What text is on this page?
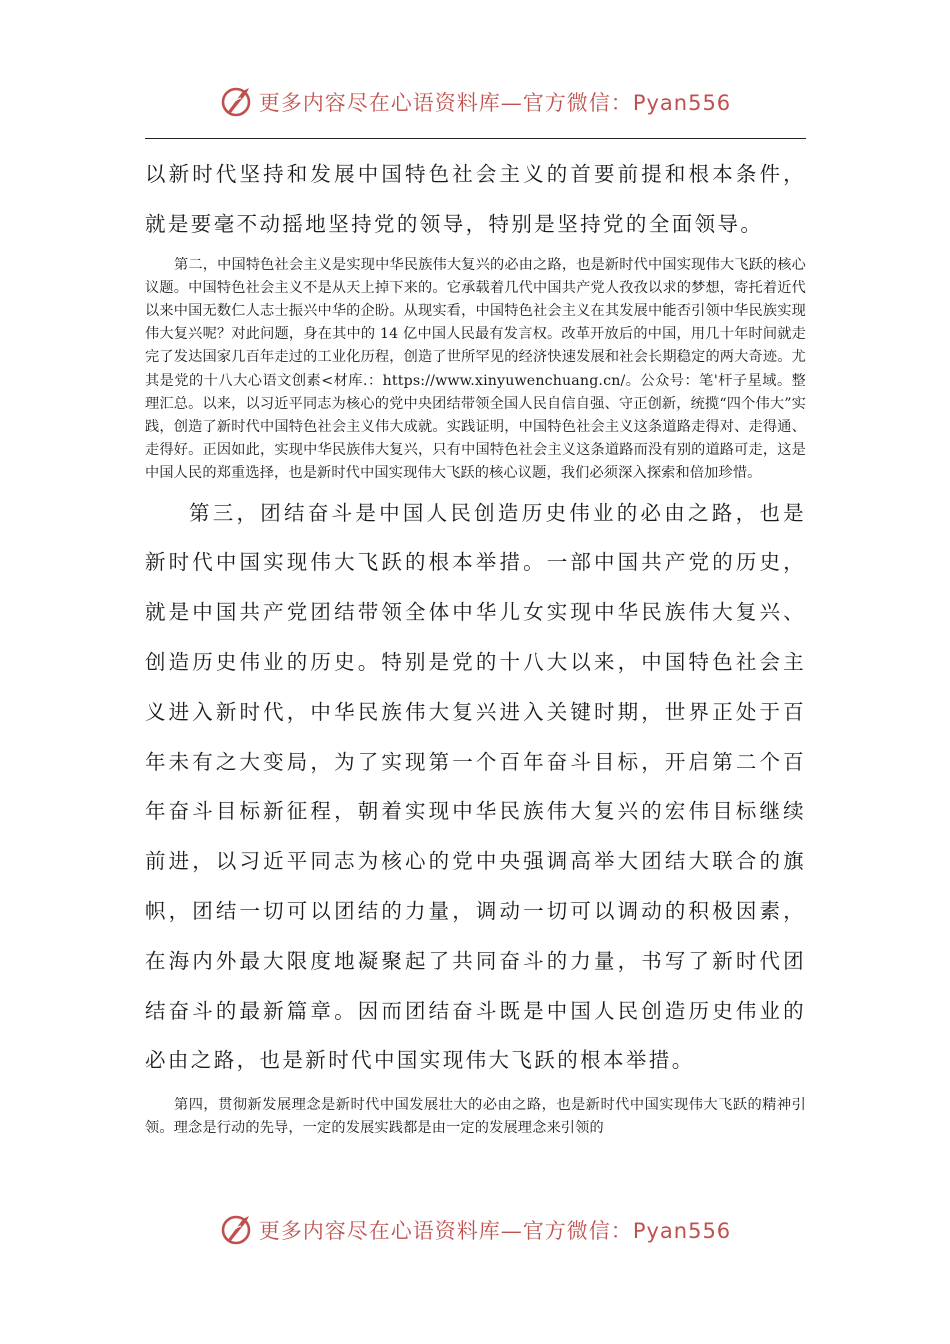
更多内容尽在心语资料库—官方微信：Pyan556

以新时代坚持和发展中国特色社会主义的首要前提和根本条件，就是要毫不动摇地坚持党的领导，特别是坚持党的全面领导。

第二，中国特色社会主义是实现中华民族伟大复兴的必由之路，也是新时代中国实现伟大飞跃的核心议题。中国特色社会主义不是从天上掉下来的。它承载着几代中国共产党人孜孜以求的梦想，寄托着近代以来中国无数仁人志士振兴中华的企盼。从现实看，中国特色社会主义在其发展中能否引领中华民族实现伟大复兴呢？对此问题，身在其中的 14 亿中国人民最有发言权。改革开放后的中国，用几十年时间就走完了发达国家几百年走过的工业化历程，创造了世所罕见的经济快速发展和社会长期稳定的两大奇迹。尤其是党的十八大心语文创素<材库.：https://www.xinyuwenchuang.cn/。公众号：笔'杆子星域。整理汇总。以来，以习近平同志为核心的党中央团结带领全国人民自信自强、守正创新，统揽“四个伟大”实践，创造了新时代中国特色社会主义伟大成就。实践证明，中国特色社会主义这条道路走得对、走得通、走得好。正因如此，实现中华民族伟大复兴，只有中国特色社会主义这条道路而没有别的道路可走，这是中国人民的郑重选择，也是新时代中国实现伟大飞跃的核心议题，我们必须深入探索和倍加珍惜。

第三，团结奋斗是中国人民创造历史伟业的必由之路，也是新时代中国实现伟大飞跃的根本举措。一部中国共产党的历史，就是中国共产党团结带领全体中华儿女实现中华民族伟大复兴、创造历史伟业的历史。特别是党的十八大以来，中国特色社会主义进入新时代，中华民族伟大复兴进入关键时期，世界正处于百年未有之大变局，为了实现第一个百年奋斗目标，开启第二个百年奋斗目标新征程，朝着实现中华民族伟大复兴的宏伟目标继续前进，以习近平同志为核心的党中央强调高举大团结大联合的旗帜，团结一切可以团结的力量，调动一切可以调动的积极因素，在海内外最大限度地凝聚起了共同奋斗的力量，书写了新时代团结奋斗的最新篇章。因而团结奋斗既是中国人民创造历史伟业的必由之路，也是新时代中国实现伟大飞跃的根本举措。

第四，贯彻新发展理念是新时代中国发展壮大的必由之路，也是新时代中国实现伟大飞跃的精神引领。理念是行动的先导，一定的发展实践都是由一定的发展理念来引领的

更多内容尽在心语资料库—官方微信：Pyan556
